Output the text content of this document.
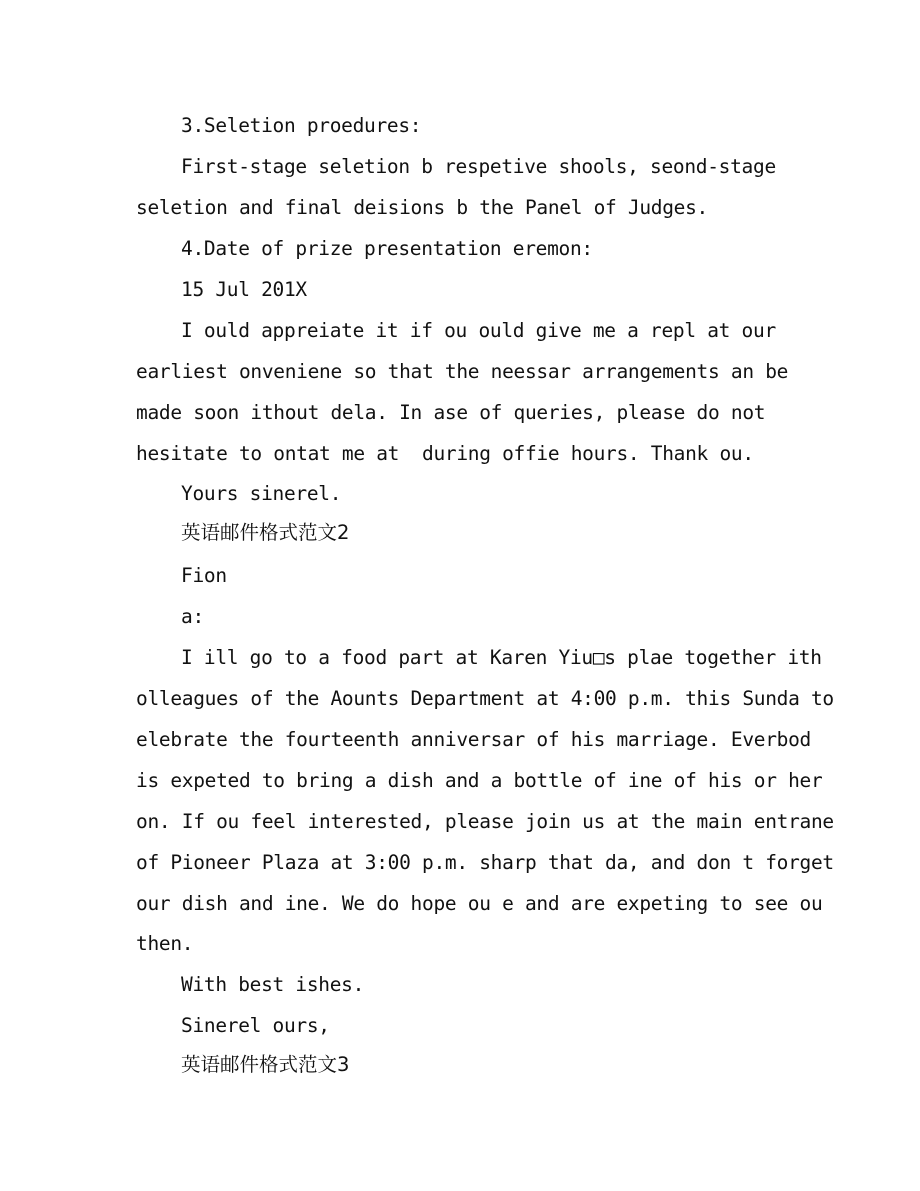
3.Seletion proedures:
First-stage seletion b respetive shools, seond-stage
seletion and final deisions b the Panel of Judges.
4.Date of prize presentation eremon:
15 Jul 201X
I ould appreiate it if ou ould give me a repl at our
earliest onveniene so that the neessar arrangements an be
made soon ithout dela. In ase of queries, please do not
hesitate to ontat me at  during offie hours. Thank ou.
Yours sinerel.
英语邮件格式范文2
Fion
a:
I ill go to a food part at Karen Yiu□s plae together ith
olleagues of the Aounts Department at 4:00 p.m. this Sunda to
elebrate the fourteenth anniversar of his marriage. Everbod
is expeted to bring a dish and a bottle of ine of his or her
on. If ou feel interested, please join us at the main entrane
of Pioneer Plaza at 3:00 p.m. sharp that da, and don t forget
our dish and ine. We do hope ou e and are expeting to see ou
then.
With best ishes.
Sinerel ours,
英语邮件格式范文3
